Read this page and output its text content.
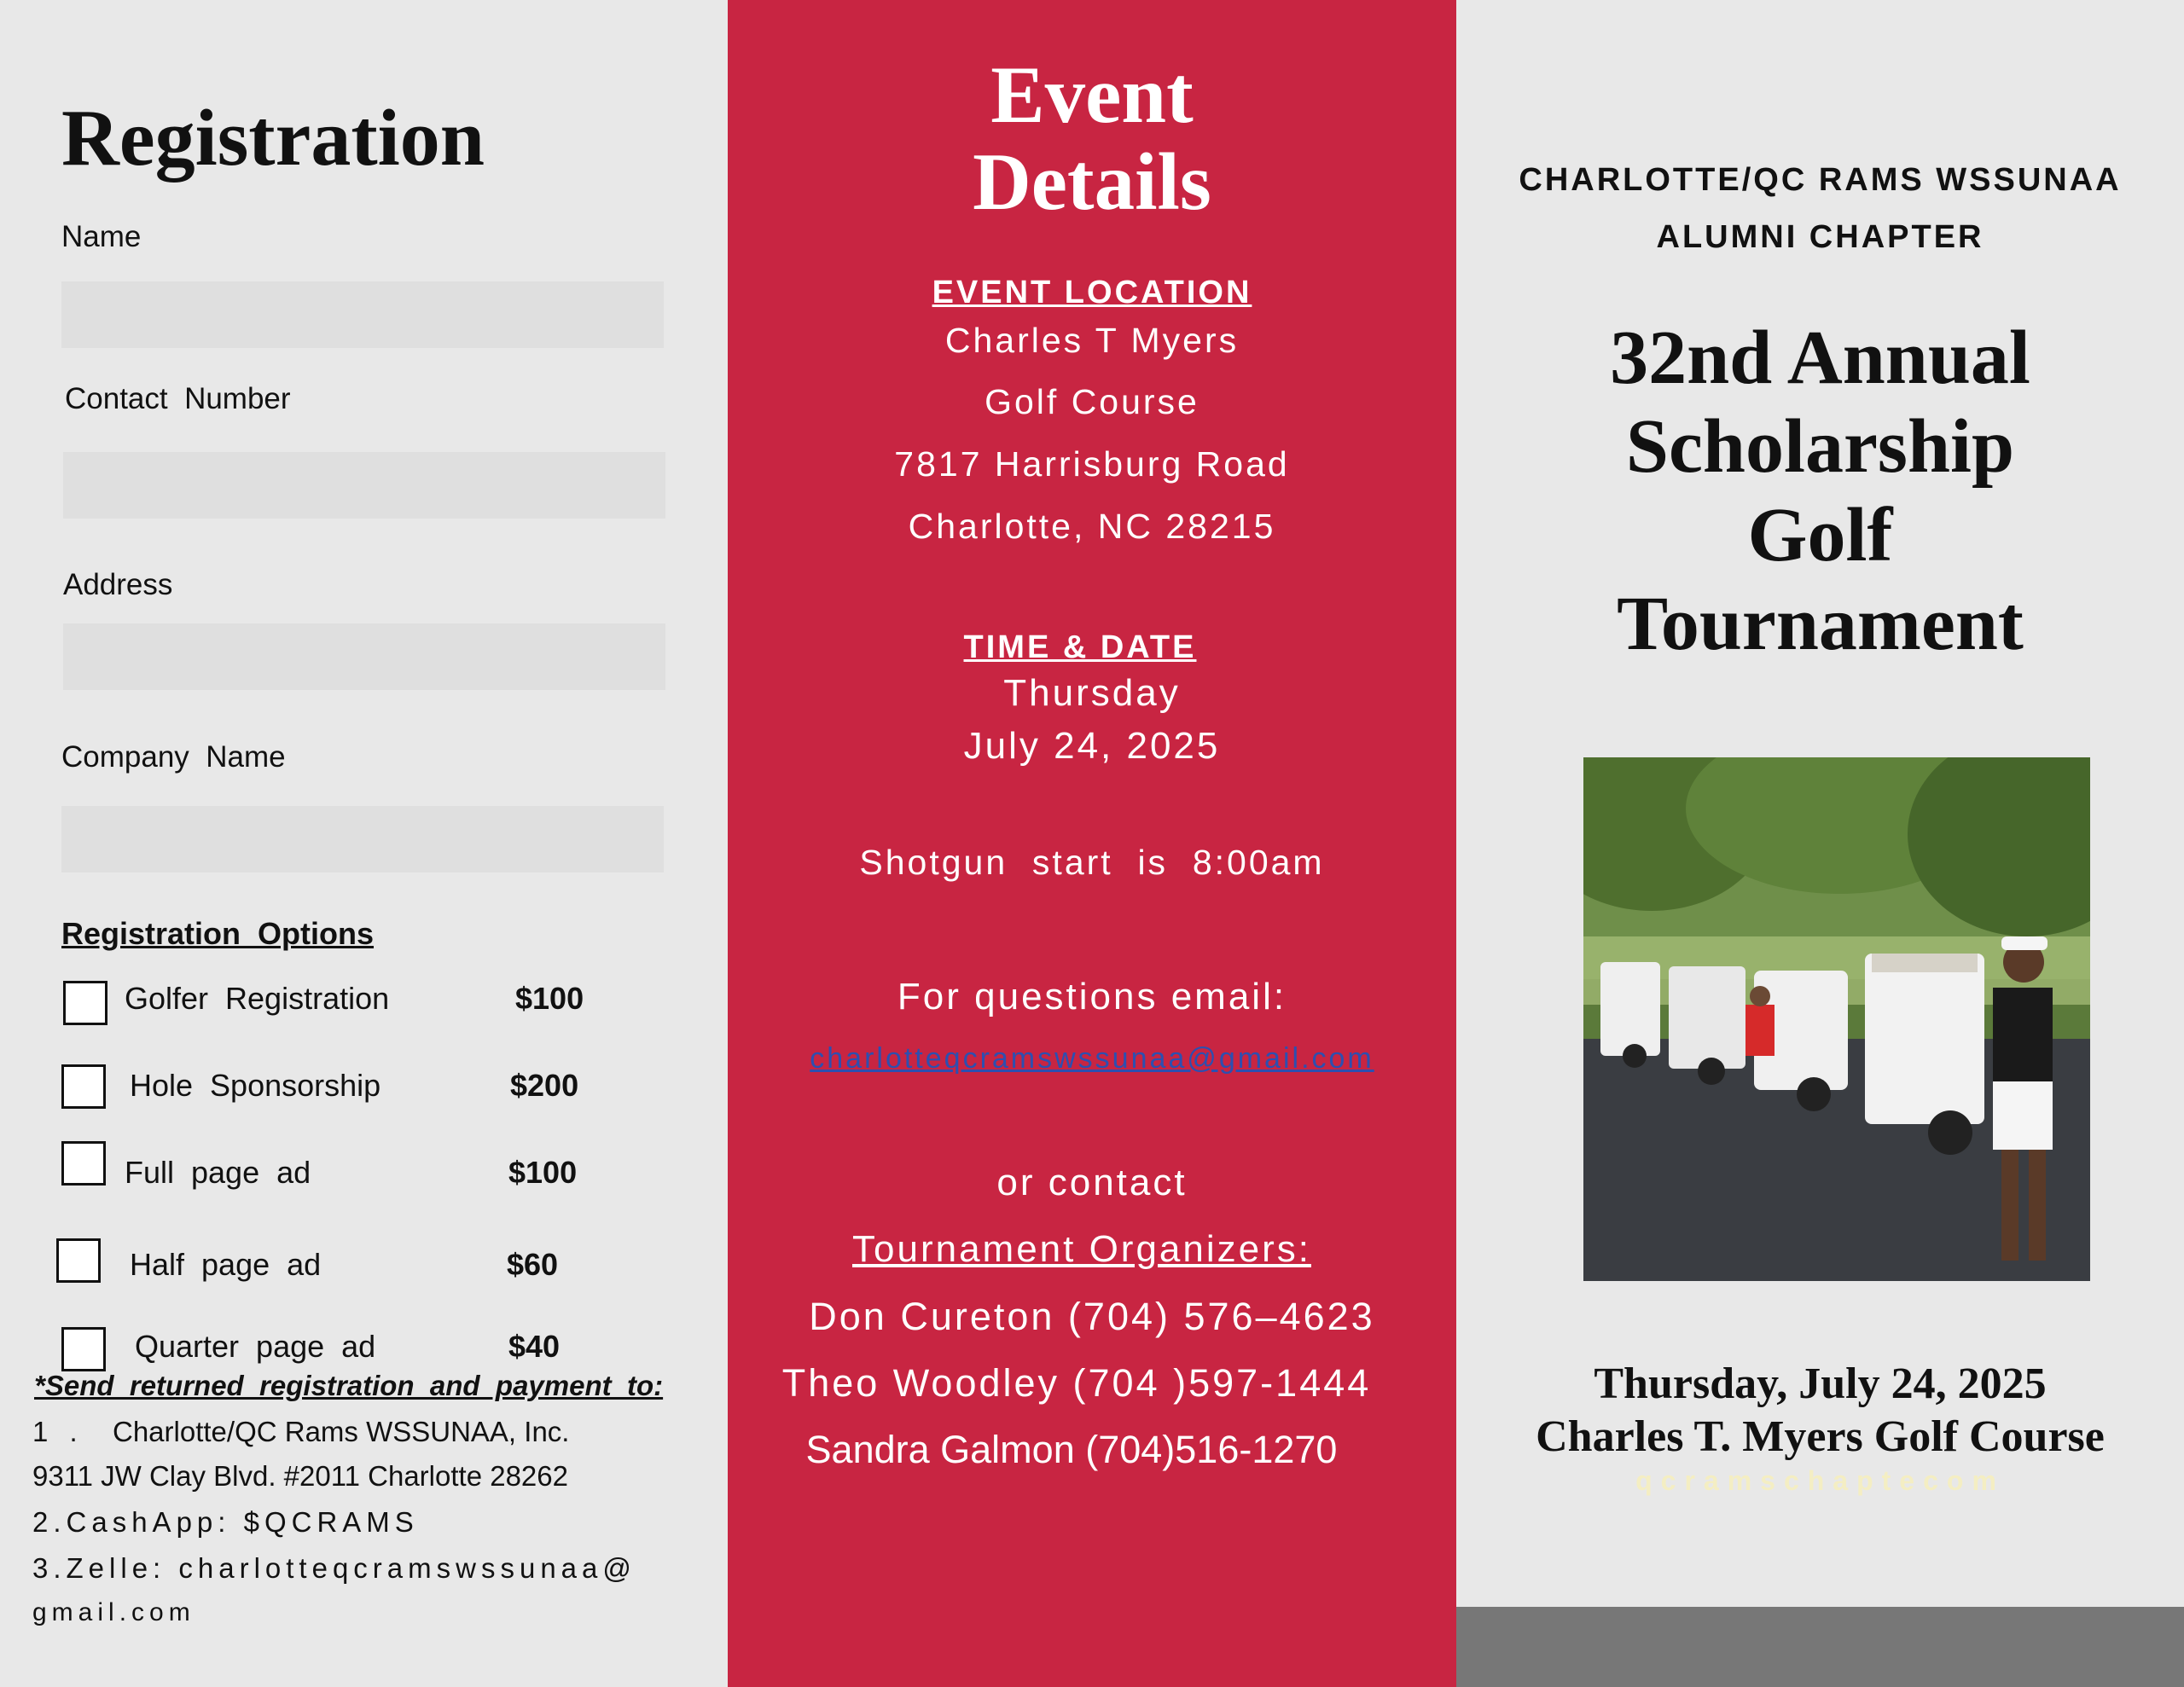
Registration
Name
Contact  Number
Address
Company  Name
Registration  Options
Golfer  Registration	$100
Hole  Sponsorship	$200
Full  page  ad	$100
Half  page  ad	$60
Quarter  page  ad	$40
*Send  returned  registration  and  payment  to:
1 . Charlotte/QC Rams WSSUNAA, Inc.
9311 JW Clay Blvd. #2011 Charlotte 28262
2.CashApp: $QCRAMS
3.Zelle: charlotteqcramswssunaa@
gmail.com
Event
Details
EVENT LOCATION
Charles T Myers
Golf Course
7817 Harrisburg Road
Charlotte, NC 28215
TIME & DATE
Thursday
July 24, 2025
Shotgun  start  is  8:00am
For questions email:
charlotteqcramswssunaa@gmail.com
or contact
Tournament Organizers:
Don Cureton (704) 576–4623
Theo Woodley (704 )597-1444
Sandra Galmon (704)516-1270
CHARLOTTE/QC RAMS WSSUNAA
ALUMNI CHAPTER
32nd Annual
Scholarship
Golf
Tournament
Thursday, July 24, 2025
Charles T. Myers Golf Course
qcramschaptecom
